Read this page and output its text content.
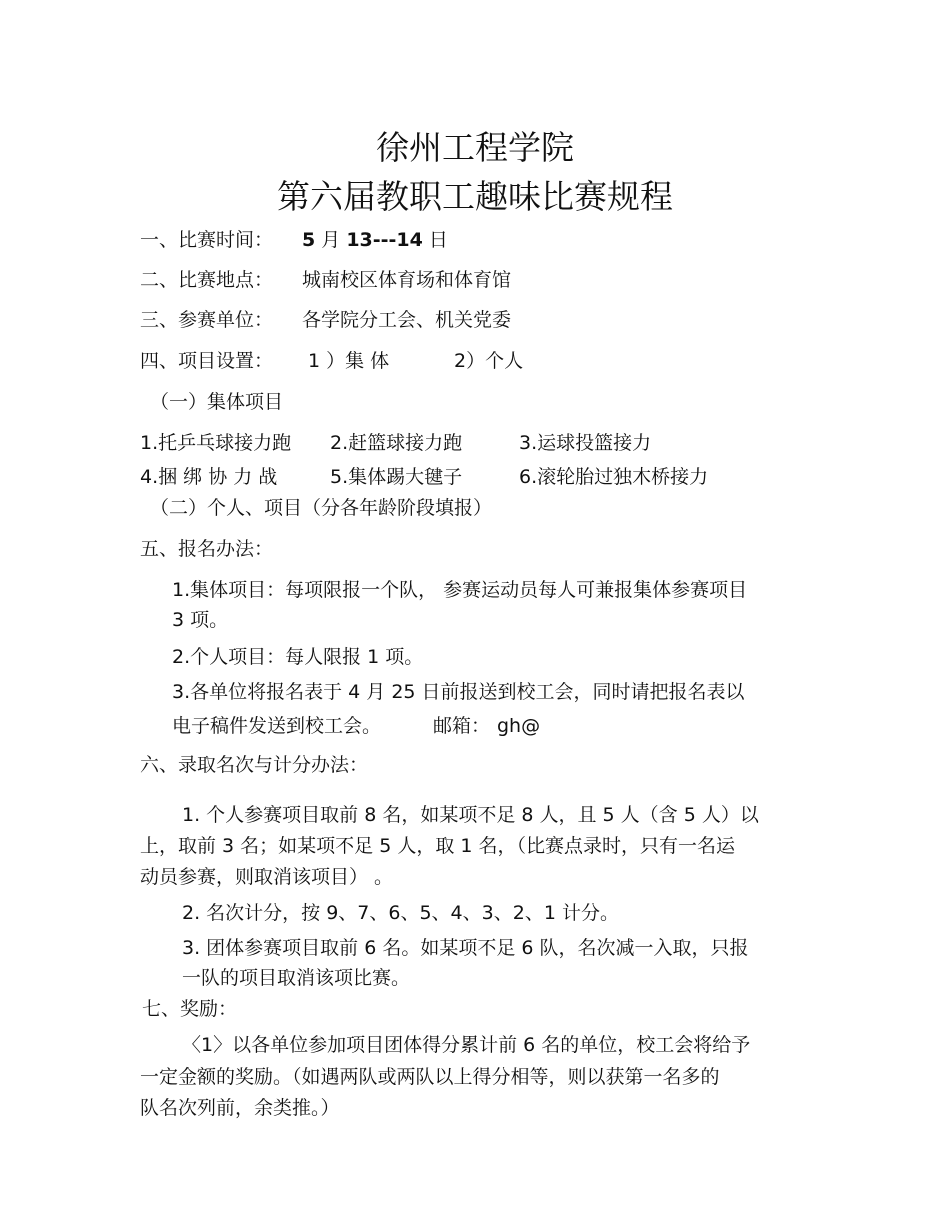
徐州工程学院
第六届教职工趣味比赛规程
一、比赛时间： 5 月 13---14 日
二、比赛地点： 城南校区体育场和体育馆
三、参赛单位： 各学院分工会、机关党委
四、项目设置： 1 ）集 体	2）个人
（一）集体项目
1.托乒乓球接力跑 2.赶篮球接力跑	3.运球投篮接力
4.捆 绑 协 力 战	5.集体踢大毽子	6.滚轮胎过独木桥接力
（二）个人、项目（分各年龄阶段填报）
五、报名办法：
1.集体项目：每项限报一个队， 参赛运动员每人可兼报集体参赛项目
3 项。
2.个人项目：每人限报 1 项。
3.各单位将报名表于 4 月 25 日前报送到校工会，同时请把报名表以
电子稿件发送到校工会。	邮箱： gh@
六、录取名次与计分办法：
1. 个人参赛项目取前 8 名，如某项不足 8 人，且 5 人（含 5 人）以
上，取前 3 名；如某项不足 5 人，取 1 名，（比赛点录时，只有一名运
动员参赛，则取消该项目） 。
2. 名次计分，按 9、7、6、5、4、3、2、1 计分。
3. 团体参赛项目取前 6 名。如某项不足 6 队，名次减一入取，只报
一队的项目取消该项比赛。
七、奖励：
〈1〉以各单位参加项目团体得分累计前 6 名的单位，校工会将给予
一定金额的奖励。（如遇两队或两队以上得分相等，则以获第一名多的
队名次列前，余类推。）
